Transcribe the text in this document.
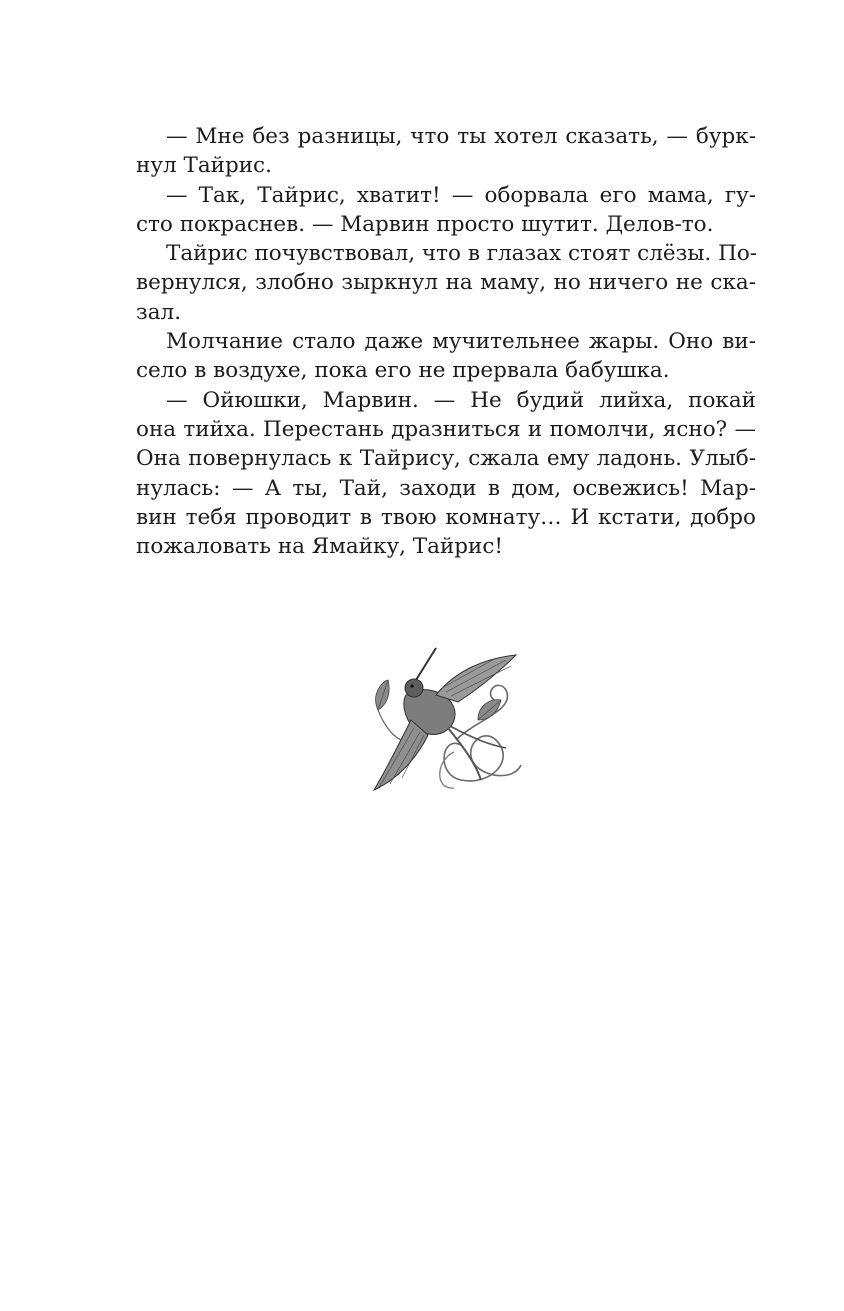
— Мне без разницы, что ты хотел сказать, — бурк-
нул Тайрис.
— Так, Тайрис, хватит! — оборвала его мама, гу-
сто покраснев. — Марвин просто шутит. Делов-то.
Тайрис почувствовал, что в глазах стоят слёзы. По-
вернулся, злобно зыркнул на маму, но ничего не ска-
зал.
Молчание стало даже мучительнее жары. Оно ви-
село в воздухе, пока его не прервала бабушка.
— Ойюшки, Марвин. — Не будий лийха, покай
она тийха. Перестань дразниться и помолчи, ясно? —
Она повернулась к Тайрису, сжала ему ладонь. Улыб-
нулась: — А ты, Тай, заходи в дом, освежись! Мар-
вин тебя проводит в твою комнату… И кстати, добро
пожаловать на Ямайку, Тайрис!
